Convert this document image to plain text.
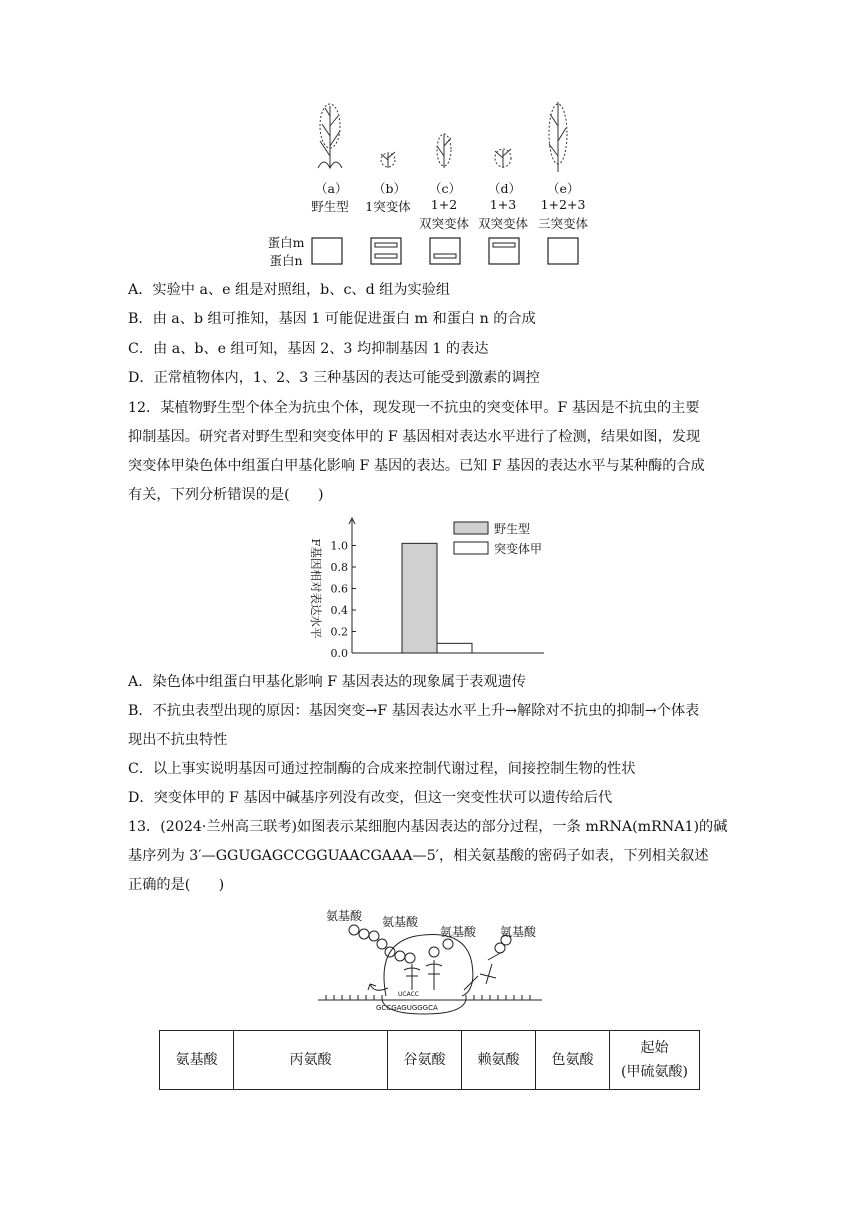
（a）
野生型
（b）
1突变体
（c）
1+2
双突变体
（d）
1+3
双突变体
（e）
1+2+3
三突变体
蛋白m
蛋白n
A．实验中 a、e 组是对照组，b、c、d 组为实验组
B．由 a、b 组可推知，基因 1 可能促进蛋白 m 和蛋白 n 的合成
C．由 a、b、e 组可知，基因 2、3 均抑制基因 1 的表达
D．正常植物体内，1、2、3 三种基因的表达可能受到激素的调控
12．某植物野生型个体全为抗虫个体，现发现一不抗虫的突变体甲。F 基因是不抗虫的主要
抑制基因。研究者对野生型和突变体甲的 F 基因相对表达水平进行了检测，结果如图，发现
突变体甲染色体中组蛋白甲基化影响 F 基因的表达。已知 F 基因的表达水平与某种酶的合成
有关，下列分析错误的是(　　)
0.0
0.2
0.4
0.6
0.8
1.0
F基因相对表达水平
野生型
突变体甲
A．染色体中组蛋白甲基化影响 F 基因表达的现象属于表观遗传
B．不抗虫表型出现的原因：基因突变→F 基因表达水平上升→解除对不抗虫的抑制→个体表
现出不抗虫特性
C．以上事实说明基因可通过控制酶的合成来控制代谢过程，间接控制生物的性状
D．突变体甲的 F 基因中碱基序列没有改变，但这一突变性状可以遗传给后代
13．(2024·兰州高三联考)如图表示某细胞内基因表达的部分过程，一条 mRNA(mRNA1)的碱
基序列为 3′—GGUGAGCCGGUAACGAAA—5′，相关氨基酸的密码子如表，下列相关叙述
正确的是(　　)
氨基酸 氨基酸
氨基酸 氨基酸
UCACC
GCCGAGUGGGCA
氨基酸	丙氨酸	谷氨酸	赖氨酸	色氨酸	
起始
(甲硫氨酸)
